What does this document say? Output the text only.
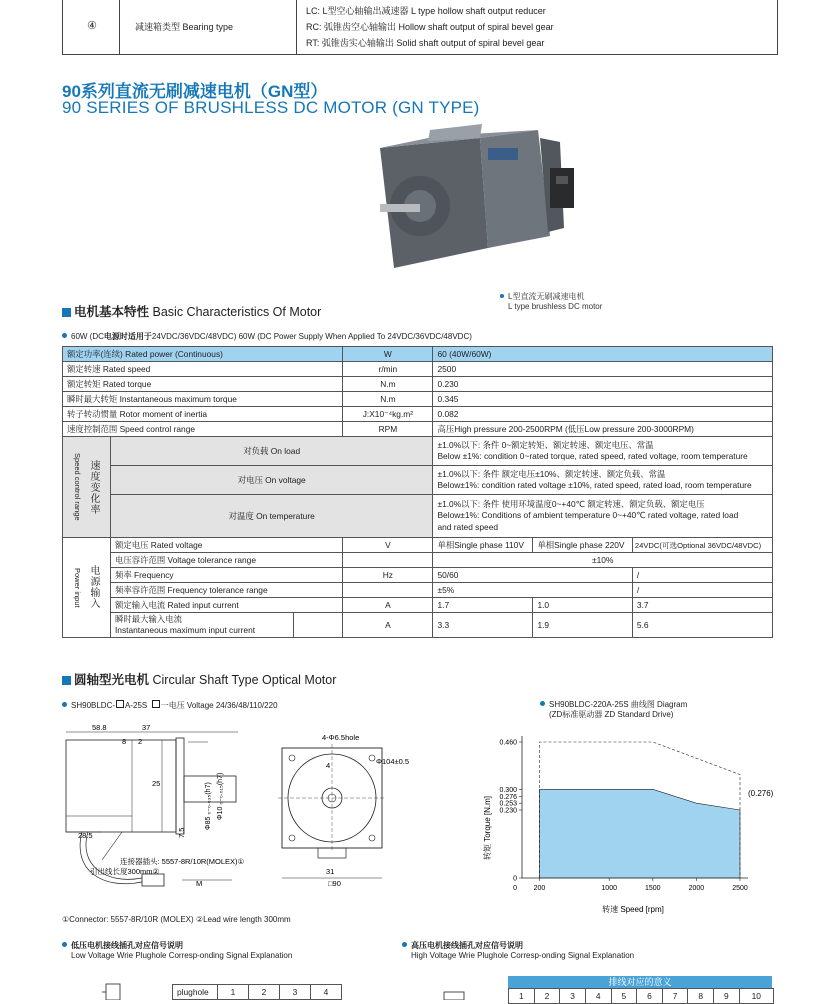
④	减速箱类型 Bearing type
LC: L型空心轴输出减速器 L type hollow shaft output reducer
RC: 弧锥齿空心轴输出 Hollow shaft output of spiral bevel gear
RT: 弧锥齿实心轴输出 Solid shaft output of spiral bevel gear
90系列直流无刷减速电机（GN型）
90 SERIES OF BRUSHLESS DC MOTOR (GN TYPE)
L型直流无刷减速电机
L type brushless DC motor
电机基本特性 Basic Characteristics Of Motor
60W (DC电源时适用于24VDC/36VDC/48VDC) 60W (DC Power Supply When Applied To 24VDC/36VDC/48VDC)
额定功率(连续) Rated power (Continuous)			W	60 (40W/60W)		
额定转速 Rated speed			r/min	2500		
额定转矩 Rated torque			N.m	0.230		
瞬时最大转矩 Instantaneous maximum torque			N.m	0.345		
转子转动惯量 Rotor moment of inertia			J:X10⁻⁴kg.m²	0.082		
速度控制范围 Speed control range			RPM	高压High pressure 200-2500RPM (低压Low pressure 200-3000RPM)		

Speed control range 速度变化率	对负载 On load			±1.0%以下: 条件 0~额定转矩、额定转速、额定电压、常温
Below ±1%: condition 0~rated torque, rated speed, rated voltage, room temperature		
	对电压 On voltage			±1.0%以下: 条件 额定电压±10%、额定转速、额定负载、常温
Below±1%: condition rated voltage ±10%, rated speed, rated load, room temperature		
	对温度 On temperature			±1.0%以下: 条件 使用环境温度0~+40℃ 额定转速、额定负载、额定电压
Below±1%: Conditions of ambient temperature 0~+40℃ rated voltage, rated load
and rated speed		

Power input 电源输入	额定电压 Rated voltage		V	单相Single phase 110V	单相Single phase 220V	24VDC(可选Optional 36VDC/48VDC)
	电压容许范围 Voltage tolerance range			±10%		
	频率 Frequency		Hz	50/60		/
	频率容许范围 Frequency tolerance range			±5%		/
	额定输入电流 Rated input current		A	1.7	1.0	3.7
	瞬时最大输入电流
Instantaneous maximum input current		A	3.3	1.9	5.6
圆轴型光电机 Circular Shaft Type Optical Motor
SH90BLDC- A-25S 一电压 Voltage 24/36/48/110/220
58.8	37
8 2
25
7.5
28.5
Φ10 ₀₋₀.₀₁₅(h7)
Φ85 ₀₋₀.₀₃₅(h7)
连接器插头: 5557-8R/10R(MOLEX)①
引出线长度300mm②
M
4-Φ6.5hole
Φ104±0.5
4
31
□90
①Connector: 5557-8R/10R (MOLEX) ②Lead wire length 300mm
SH90BLDC-220A-25S 曲线图 Diagram
(ZD标准驱动器 ZD Standard Drive)
0
0.230
0.253
0.276
0.300
0.460
200	1000	1500	2000	2500
0
转矩 Torque [N.m]
转速 Speed [rpm]
(0.276)
低压电机接线插孔对应信号说明
Low Voltage Wrie Plughole Corresp-onding Signal Explanation
高压电机接线插孔对应信号说明
High Voltage Wrie Plughole Corresp-onding Signal Explanation
plughole	1	2	3	4
排线对应的意义
1	2	3	4	5	6	7	8	9	10
